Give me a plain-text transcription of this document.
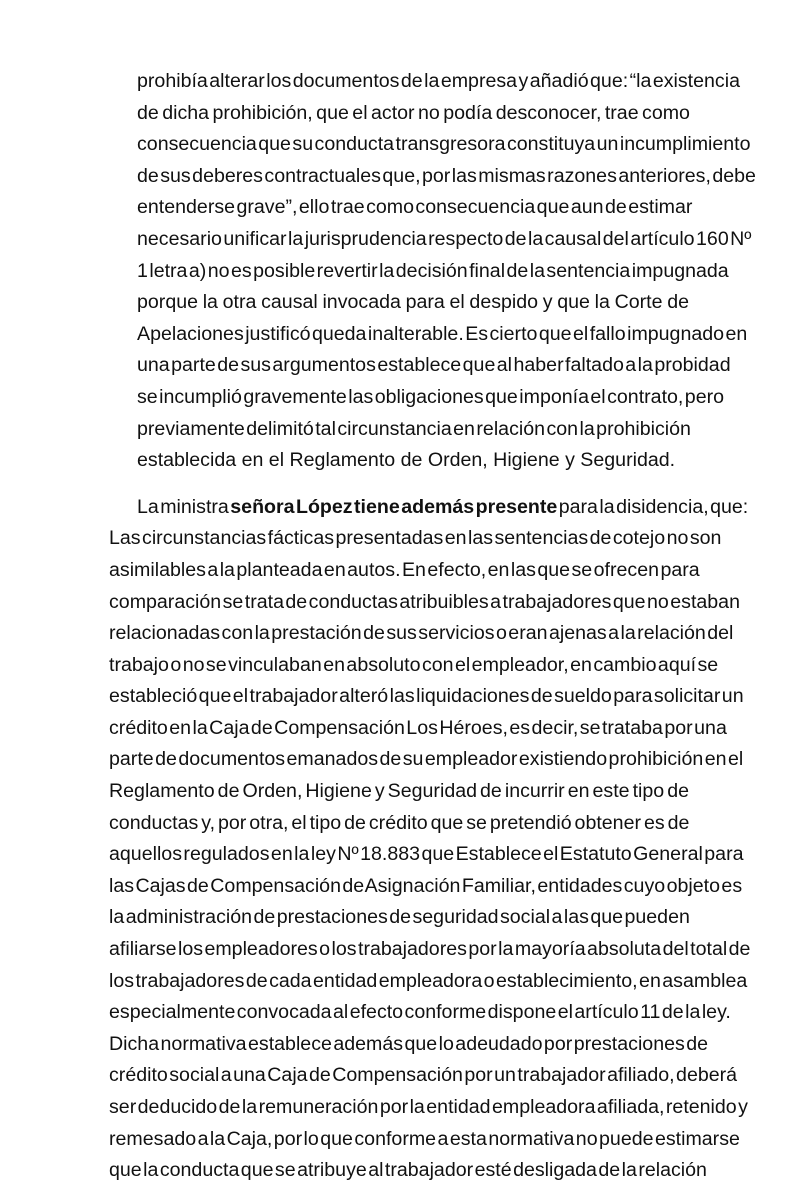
prohibía alterar los documentos de la empresa y añadió que: “la existencia
de dicha prohibición, que el actor no podía desconocer, trae como
consecuencia que su conducta transgresora constituya un incumplimiento
de sus deberes contractuales que, por las mismas razones anteriores, debe
entenderse grave”, ello trae como consecuencia que aun de estimar
necesario unificar la jurisprudencia respecto de la causal del artículo 160 Nº
1 letra a) no es posible revertir la decisión final de la sentencia impugnada
porque la otra causal invocada para el despido y que la Corte de
Apelaciones justificó queda inalterable. Es cierto que el fallo impugnado en
una parte de sus argumentos establece que al haber faltado a la probidad
se incumplió gravemente las obligaciones que imponía el contrato, pero
previamente delimitó tal circunstancia en relación con la prohibición
establecida en el Reglamento de Orden, Higiene y Seguridad.
La ministra señora López tiene además presente para la disidencia, que:
Las circunstancias fácticas presentadas en las sentencias de cotejo no son
asimilables a la planteada en autos. En efecto, en las que se ofrecen para
comparación se trata de conductas atribuibles a trabajadores que no estaban
relacionadas con la prestación de sus servicios o eran ajenas a la relación del
trabajo o no se vinculaban en absoluto con el empleador, en cambio aquí se
estableció que el trabajador alteró las liquidaciones de sueldo para solicitar un
crédito en la Caja de Compensación Los Héroes, es decir, se trataba por una
parte de documentos emanados de su empleador existiendo prohibición en el
Reglamento de Orden, Higiene y Seguridad de incurrir en este tipo de
conductas y, por otra, el tipo de crédito que se pretendió obtener es de
aquellos regulados en la ley Nº 18.883 que Establece el Estatuto General para
las Cajas de Compensación de Asignación Familiar, entidades cuyo objeto es
la administración de prestaciones de seguridad social a las que pueden
afiliarse los empleadores o los trabajadores por la mayoría absoluta del total de
los trabajadores de cada entidad empleadora o establecimiento, en asamblea
especialmente convocada al efecto conforme dispone el artículo 11 de la ley.
Dicha normativa establece además que lo adeudado por prestaciones de
crédito social a una Caja de Compensación por un trabajador afiliado, deberá
ser deducido de la remuneración por la entidad empleadora afiliada, retenido y
remesado a la Caja, por lo que conforme a esta normativa no puede estimarse
que la conducta que se atribuye al trabajador esté desligada de la relación
